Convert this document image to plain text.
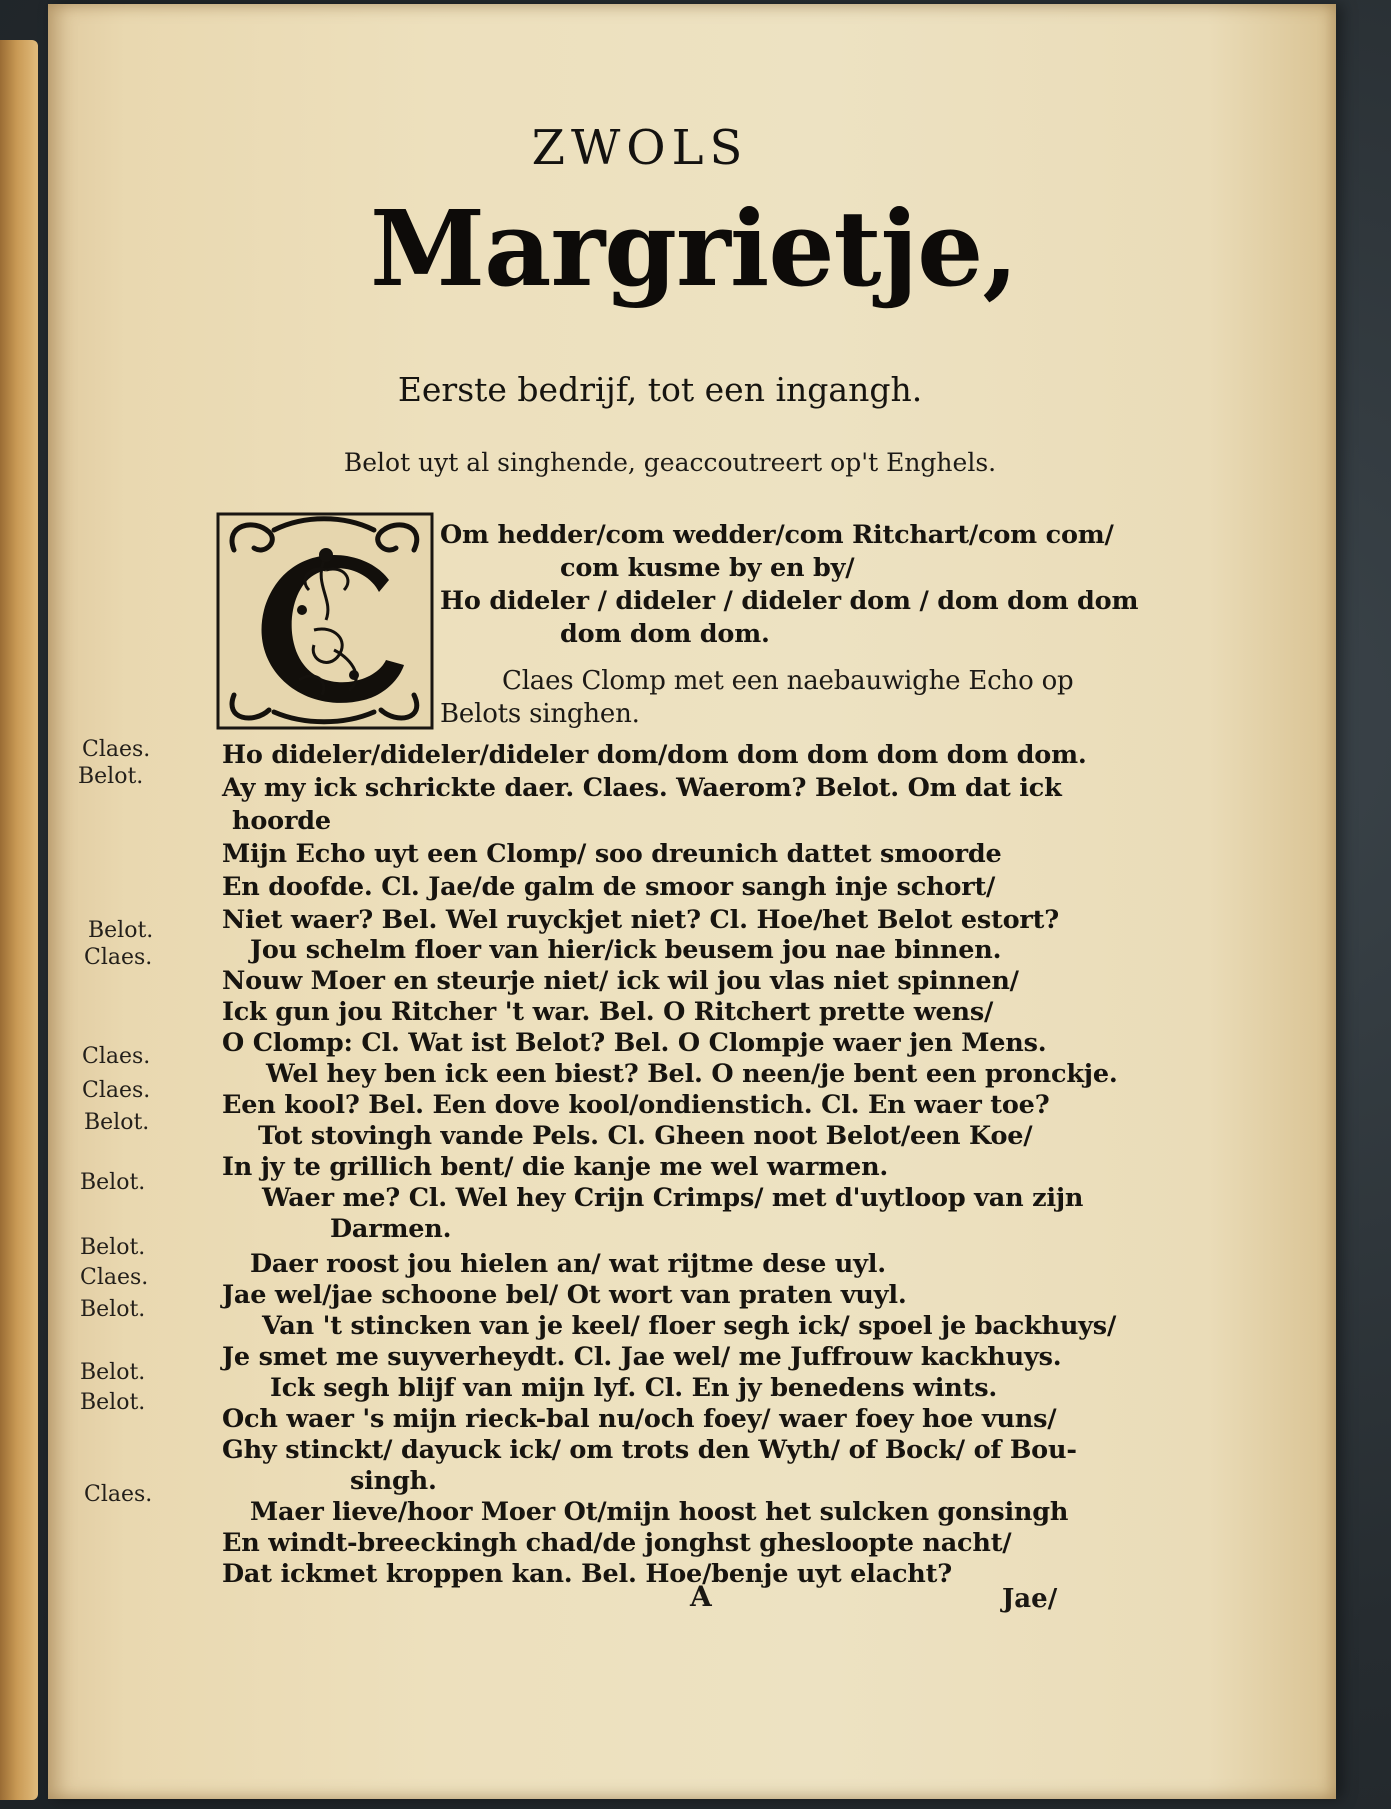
ZWOLS
Margrietje,
Eerste bedrijf, tot een ingangh.
Belot uyt al singhende, geaccoutreert op't Enghels.
Om hedder/com wedder/com Ritchart/com com/
com kusme by en by/
Ho dideler / dideler / dideler dom / dom dom dom
dom dom dom.
Claes Clomp met een naebauwighe Echo op
Belots singhen.
Claes.
Belot.
Belot.
Claes.
Claes.
Claes.
Belot.
Belot.
Belot.
Claes.
Belot.
Belot.
Belot.
Claes.
Ho dideler/dideler/dideler dom/dom dom dom dom dom dom.
Ay my ick schrickte daer. Claes. Waerom? Belot. Om dat ick
hoorde
Mijn Echo uyt een Clomp/ soo dreunich dattet smoorde
En doofde. Cl. Jae/de galm de smoor sangh inje schort/
Niet waer? Bel. Wel ruyckjet niet? Cl. Hoe/het Belot estort?
Jou schelm floer van hier/ick beusem jou nae binnen.
Nouw Moer en steurje niet/ ick wil jou vlas niet spinnen/
Ick gun jou Ritcher 't war. Bel. O Ritchert prette wens/
O Clomp: Cl. Wat ist Belot? Bel. O Clompje waer jen Mens.
Wel hey ben ick een biest? Bel. O neen/je bent een pronckje.
Een kool? Bel. Een dove kool/ondienstich. Cl. En waer toe?
Tot stovingh vande Pels. Cl. Gheen noot Belot/een Koe/
In jy te grillich bent/ die kanje me wel warmen.
Waer me? Cl. Wel hey Crijn Crimps/ met d'uytloop van zijn
Darmen.
Daer roost jou hielen an/ wat rijtme dese uyl.
Jae wel/jae schoone bel/ Ot wort van praten vuyl.
Van 't stincken van je keel/ floer segh ick/ spoel je backhuys/
Je smet me suyverheydt. Cl. Jae wel/ me Juffrouw kackhuys.
Ick segh blijf van mijn lyf. Cl. En jy benedens wints.
Och waer 's mijn rieck-bal nu/och foey/ waer foey hoe vuns/
Ghy stinckt/ dayuck ick/ om trots den Wyth/ of Bock/ of Bou-
singh.
Maer lieve/hoor Moer Ot/mijn hoost het sulcken gonsingh
En windt-breeckingh chad/de jonghst ghesloopte nacht/
Dat ickmet kroppen kan. Bel. Hoe/benje uyt elacht?
A	Jae/
